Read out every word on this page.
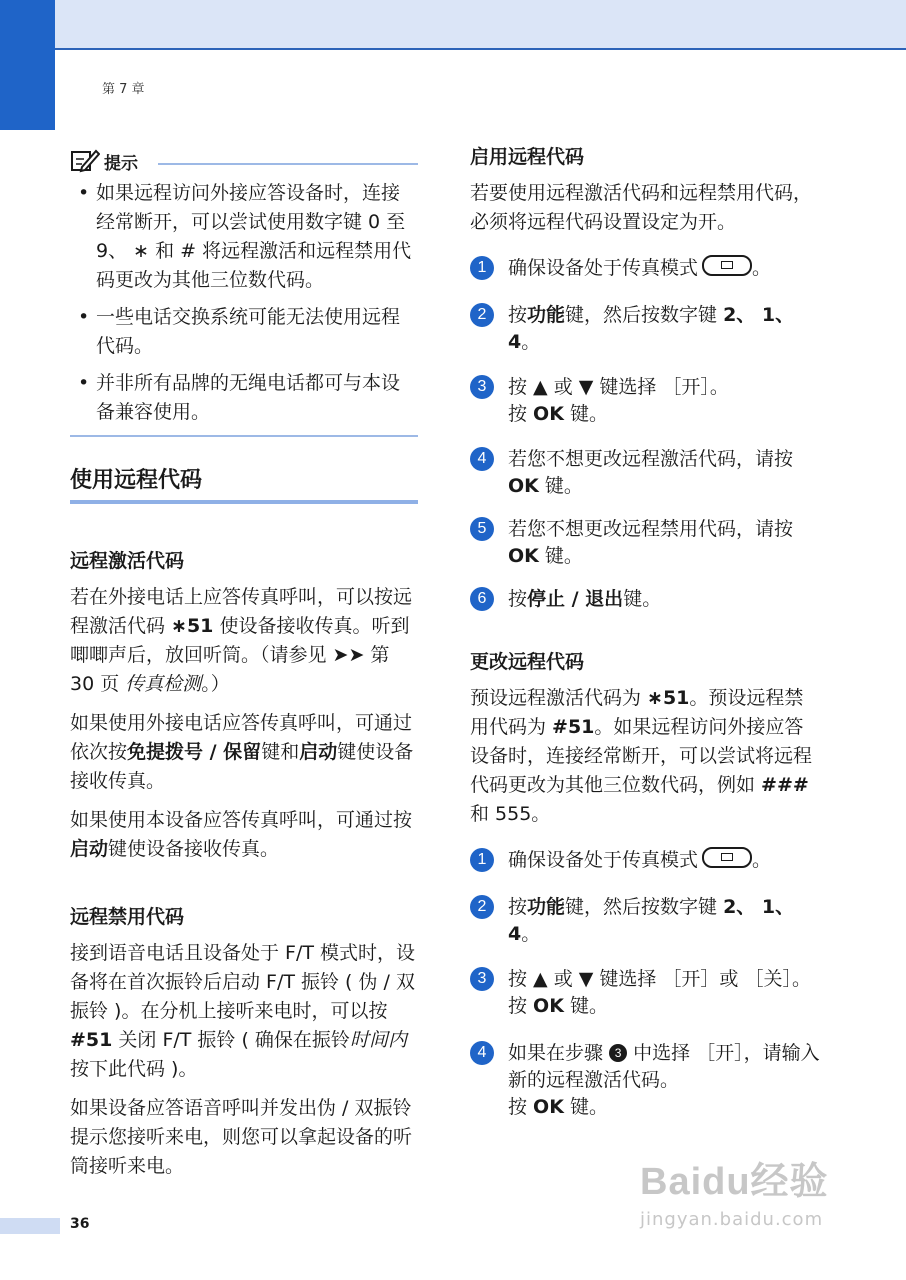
第 7 章
提示
• 如果远程访问外接应答设备时，连接经常断开，可以尝试使用数字键 0 至 9、 ∗ 和 # 将远程激活和远程禁用代码更改为其他三位数代码。
• 一些电话交换系统可能无法使用远程代码。
• 并非所有品牌的无绳电话都可与本设备兼容使用。
使用远程代码
远程激活代码

若在外接电话上应答传真呼叫，可以按远程激活代码 ∗51 使设备接收传真。听到唧唧声后，放回听筒。（请参见 ➤➤ 第 30 页 传真检测。）

如果使用外接电话应答传真呼叫，可通过依次按免提拨号 / 保留键和启动键使设备接收传真。

如果使用本设备应答传真呼叫，可通过按启动键使设备接收传真。

远程禁用代码

接到语音电话且设备处于 F/T 模式时，设备将在首次振铃后启动 F/T 振铃 ( 伪 / 双振铃 )。在分机上接听来电时，可以按 #51 关闭 F/T 振铃 ( 确保在振铃时间内按下此代码 )。

如果设备应答语音呼叫并发出伪 / 双振铃提示您接听来电，则您可以拿起设备的听筒接听来电。

启用远程代码

若要使用远程激活代码和远程禁用代码，必须将远程代码设置设定为开。

1	确保设备处于传真模式	。
2	按功能键，然后按数字键 2、 1、 4。
3	按 ▲ 或 ▼ 键选择 ［开］。
按 OK 键。
4	若您不想更改远程激活代码，请按 OK 键。
5	若您不想更改远程禁用代码，请按 OK 键。
6	按停止 / 退出键。
更改远程代码

预设远程激活代码为 ∗51。预设远程禁用代码为 #51。如果远程访问外接应答设备时，连接经常断开，可以尝试将远程代码更改为其他三位数代码，例如 ### 和 555。

1	确保设备处于传真模式	。
2	按功能键，然后按数字键 2、 1、 4。
3	按 ▲ 或 ▼ 键选择 ［开］或 ［关］。
按 OK 键。
4	如果在步骤 3 中选择 ［开］，请输入新的远程激活代码。
按 OK 键。
36
Baidu经验
jingyan.baidu.com
